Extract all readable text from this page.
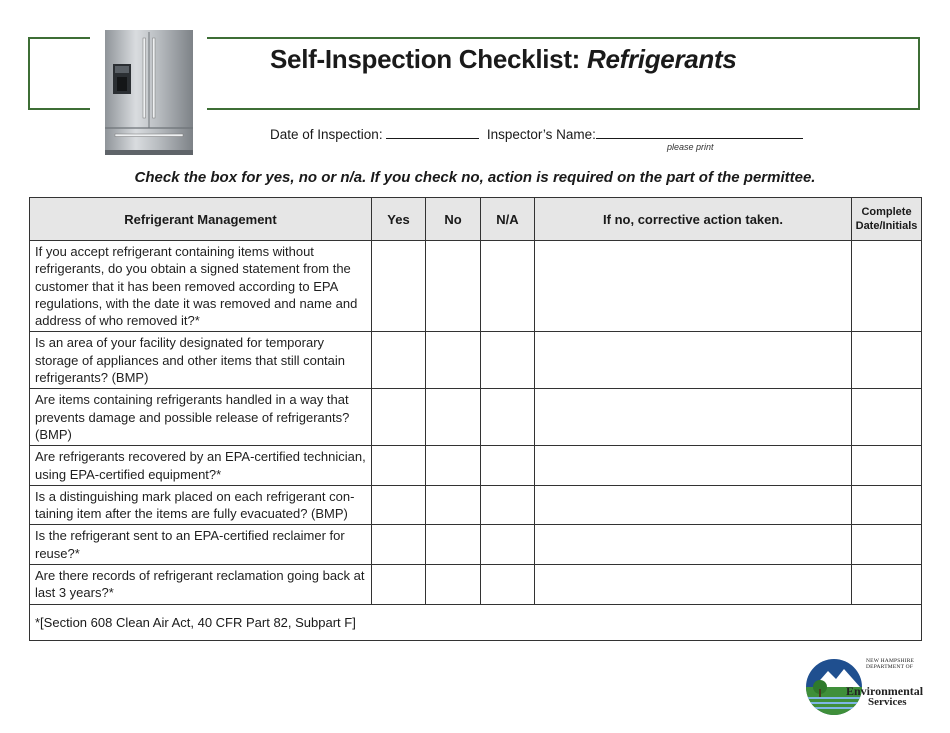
Self-Inspection Checklist: Refrigerants
Date of Inspection:	Inspector’s Name:
please print
Check the box for yes, no or n/a. If you check no, action is required on the part of the permittee.
Refrigerant Management	Yes	No	N/A	If no, corrective action taken.	Complete
Date/Initials
If you accept refrigerant containing items without refrigerants, do you obtain a signed statement from the customer that it has been removed according to EPA regulations, with the date it was removed and name and address of who removed it?*					
Is an area of your facility designated for temporary storage of appliances and other items that still contain refrigerants? (BMP)					
Are items containing refrigerants handled in a way that prevents damage and possible release of refrigerants? (BMP)					
Are refrigerants recovered by an EPA-certified technician, using EPA-certified equipment?*					
Is a distinguishing mark placed on each refrigerant con-taining item after the items are fully evacuated? (BMP)					
Is the refrigerant sent to an EPA-certified reclaimer for reuse?*					
Are there records of refrigerant reclamation going back at last 3 years?*					
*[Section 608 Clean Air Act, 40 CFR Part 82, Subpart F]					
NEW HAMPSHIRE
DEPARTMENT OF
Environmental
Services
